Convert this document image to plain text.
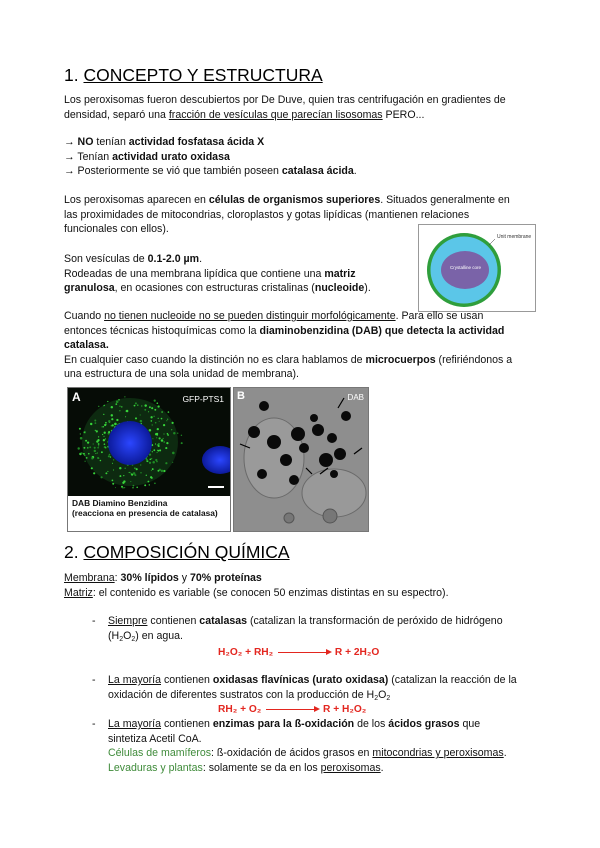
1. CONCEPTO Y ESTRUCTURA
Los peroxisomas fueron descubiertos por De Duve, quien tras centrifugación en gradientes de
densidad, separó una fracción de vesículas que parecían lisosomas PERO...
→ NO tenían actividad fosfatasa ácida X
→ Tenían actividad urato oxidasa
→ Posteriormente se vió que también poseen catalasa ácida.
Los peroxisomas aparecen en células de organismos superiores. Situados generalmente en
las proximidades de mitocondrias, cloroplastos y gotas lipídicas (mantienen relaciones
funcionales con ellos).
Son vesículas de 0.1-2.0 µm.
Rodeadas de una membrana lipídica que contiene una matriz
granulosa, en ocasiones con estructuras cristalinas (nucleoide).
Unit membrane
Crystalline core
Cuando no tienen nucleoide no se pueden distinguir morfológicamente. Para ello se usan
entonces técnicas histoquímicas como la diaminobenzidina (DAB) que detecta la actividad
catalasa.
En cualquier caso cuando la distinción no es clara hablamos de microcuerpos (refiriéndonos a
una estructura de una sola unidad de membrana).
A	GFP-PTS1
DAB Diamino Benzidina
(reacciona en presencia de catalasa)
B	DAB
2. COMPOSICIÓN QUÍMICA
Membrana: 30% lípidos y 70% proteínas
Matriz: el contenido es variable (se conocen 50 enzimas distintas en su espectro).
- Siempre contienen catalasas (catalizan la transformación de peróxido de hidrógeno
$(H_2O_2)$ en agua.
H₂O₂ + RH₂	R + 2H₂O
- La mayoría contienen oxidasas flavínicas (urato oxidasa) (catalizan la reacción de la
oxidación de diferentes sustratos con la producción de $H_2O_2$
RH₂ + O₂	R + H₂O₂
- La mayoría contienen enzimas para la ß-oxidación de los ácidos grasos que
sintetiza Acetil CoA.
Células de mamíferos: ß-oxidación de ácidos grasos en mitocondrias y peroxisomas.
Levaduras y plantas: solamente se da en los peroxisomas.
